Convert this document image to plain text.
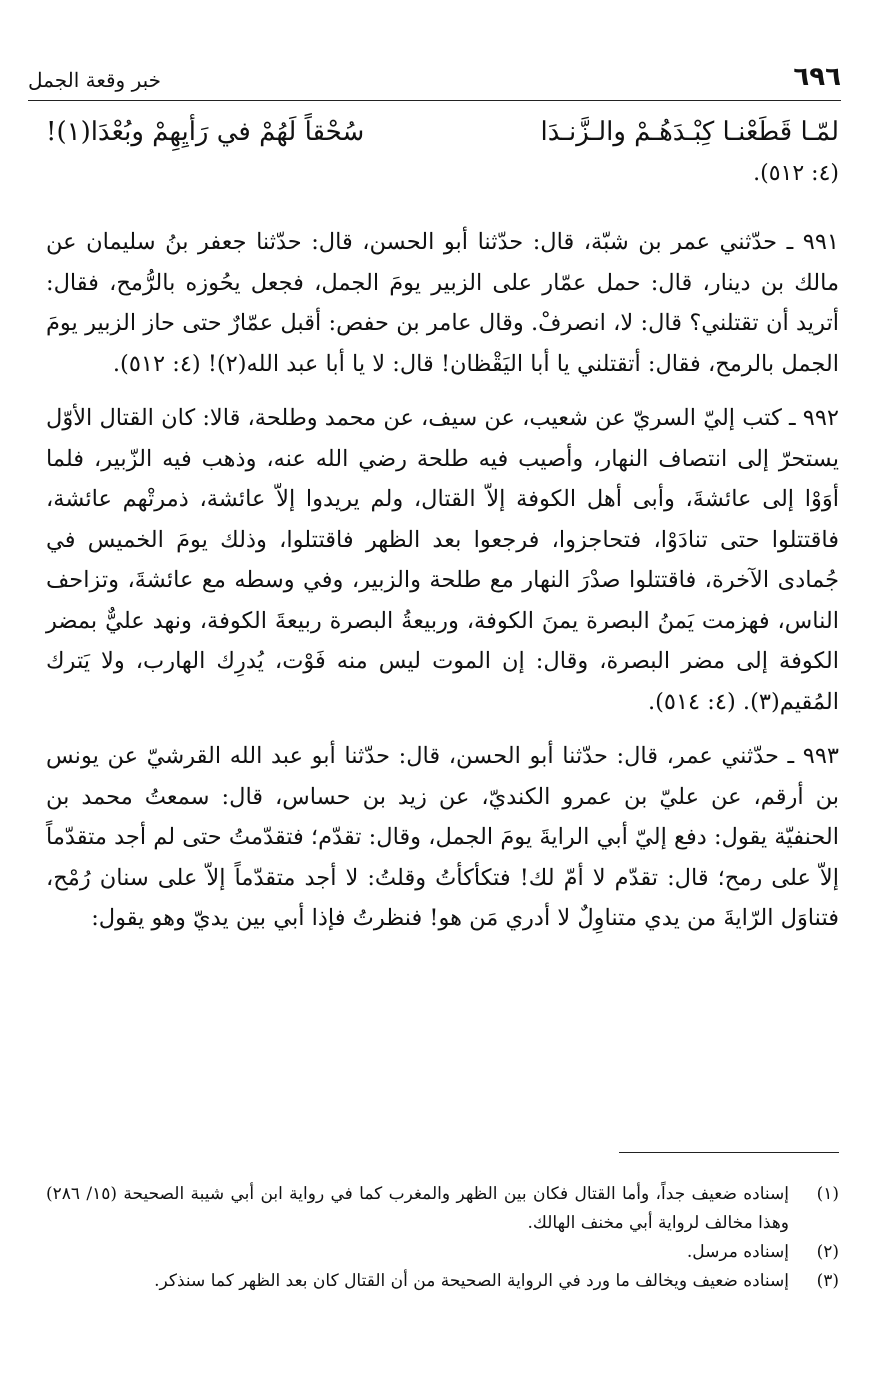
٦٩٦
خبر وقعة الجمل
لمّـا قَطَعْنـا كِبْـدَهُـمْ والـزَّنـدَا
سُحْقاً لَهُمْ في رَأيِهِمْ وبُعْدَا(١)!
(٤: ٥١٢).

٩٩١ ـ حدّثني عمر بن شبّة، قال: حدّثنا أبو الحسن، قال: حدّثنا جعفر بنُ سليمان عن مالك بن دينار، قال: حمل عمّار على الزبير يومَ الجمل، فجعل يحُوزه بالرُّمح، فقال: أتريد أن تقتلني؟ قال: لا، انصرفْ. وقال عامر بن حفص: أقبل عمّارٌ حتى حاز الزبير يومَ الجمل بالرمح، فقال: أتقتلني يا أبا اليَقْظان! قال: لا يا أبا عبد الله(٢)! (٤: ٥١٢).

٩٩٢ ـ كتب إليّ السريّ عن شعيب، عن سيف، عن محمد وطلحة، قالا: كان القتال الأوّل يستحرّ إلى انتصاف النهار، وأصيب فيه طلحة رضي الله عنه، وذهب فيه الزّبير، فلما أوَوْا إلى عائشةَ، وأبى أهل الكوفة إلاّ القتال، ولم يريدوا إلاّ عائشة، ذمرتْهم عائشة، فاقتتلوا حتى تنادَوْا، فتحاجزوا، فرجعوا بعد الظهر فاقتتلوا، وذلك يومَ الخميس في جُمادى الآخرة، فاقتتلوا صدْرَ النهار مع طلحة والزبير، وفي وسطه مع عائشةَ، وتزاحف الناس، فهزمت يَمنُ البصرة يمنَ الكوفة، وربيعةُ البصرة ربيعةَ الكوفة، ونهد عليٌّ بمضر الكوفة إلى مضر البصرة، وقال: إن الموت ليس منه فَوْت، يُدرِك الهارب، ولا يَترك المُقيم(٣). (٤: ٥١٤).

٩٩٣ ـ حدّثني عمر، قال: حدّثنا أبو الحسن، قال: حدّثنا أبو عبد الله القرشيّ عن يونس بن أرقم، عن عليّ بن عمرو الكنديّ، عن زيد بن حساس، قال: سمعتُ محمد بن الحنفيّة يقول: دفع إليّ أبي الرايةَ يومَ الجمل، وقال: تقدّم؛ فتقدّمتُ حتى لم أجد متقدّماً إلاّ على رمح؛ قال: تقدّم لا أمّ لك! فتكأكأتُ وقلتُ: لا أجد متقدّماً إلاّ على سنان رُمْح، فتناوَل الرّايةَ من يدي متناوِلٌ لا أدري مَن هو! فنظرتُ فإذا أبي بين يديّ وهو يقول:

(١)
إسناده ضعيف جداً، وأما القتال فكان بين الظهر والمغرب كما في رواية ابن أبي شيبة الصحيحة (١٥/ ٢٨٦) وهذا مخالف لرواية أبي مخنف الهالك.
(٢)
إسناده مرسل.
(٣)
إسناده ضعيف ويخالف ما ورد في الرواية الصحيحة من أن القتال كان بعد الظهر كما سنذكر.
